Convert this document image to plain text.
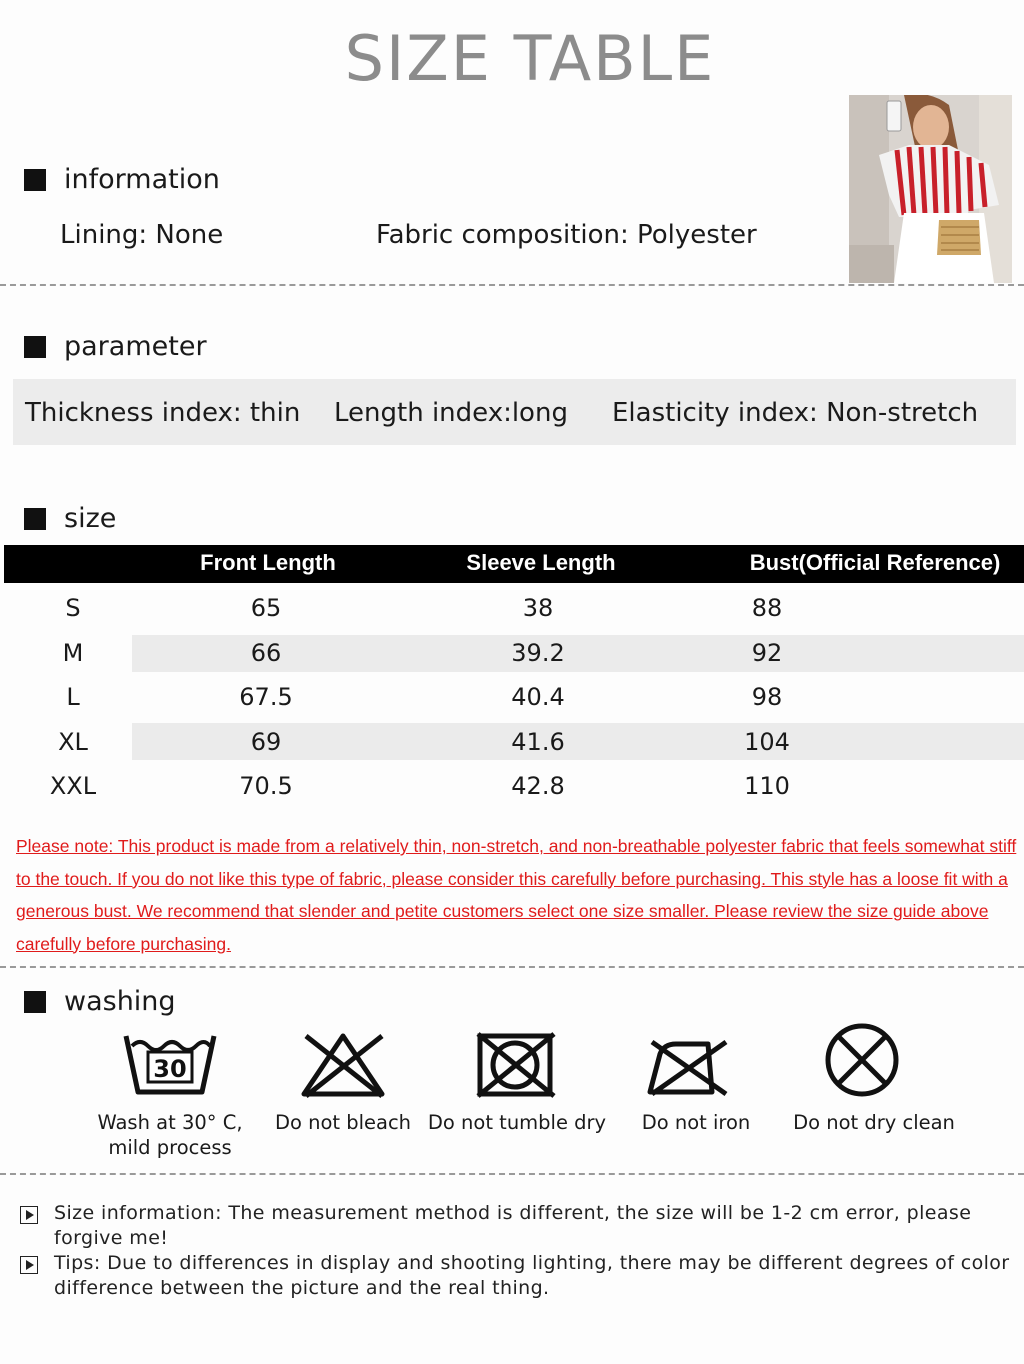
SIZE TABLE
information
Lining: None	Fabric composition: Polyester
parameter
Thickness index: thin Length index:long Elasticity index: Non-stretch
size
Front Length	Sleeve Length	Bust(Official Reference)
S	65	38	88
M	66	39.2	92
L	67.5	40.4	98
XL	69	41.6	104
XXL	70.5	42.8	110
Please note: This product is made from a relatively thin, non-stretch, and non-breathable polyester fabric that feels somewhat stiff
to the touch. If you do not like this type of fabric, please consider this carefully before purchasing. This style has a loose fit with a
generous bust. We recommend that slender and petite customers select one size smaller. Please review the size guide above
carefully before purchasing.
washing
30
Wash at 30° C,
mild process
Do not bleach Do not tumble dry	Do not iron	Do not dry clean
Size information: The measurement method is different, the size will be 1-2 cm error, please forgive me!
Tips: Due to differences in display and shooting lighting, there may be different degrees of color difference between the picture and the real thing.
